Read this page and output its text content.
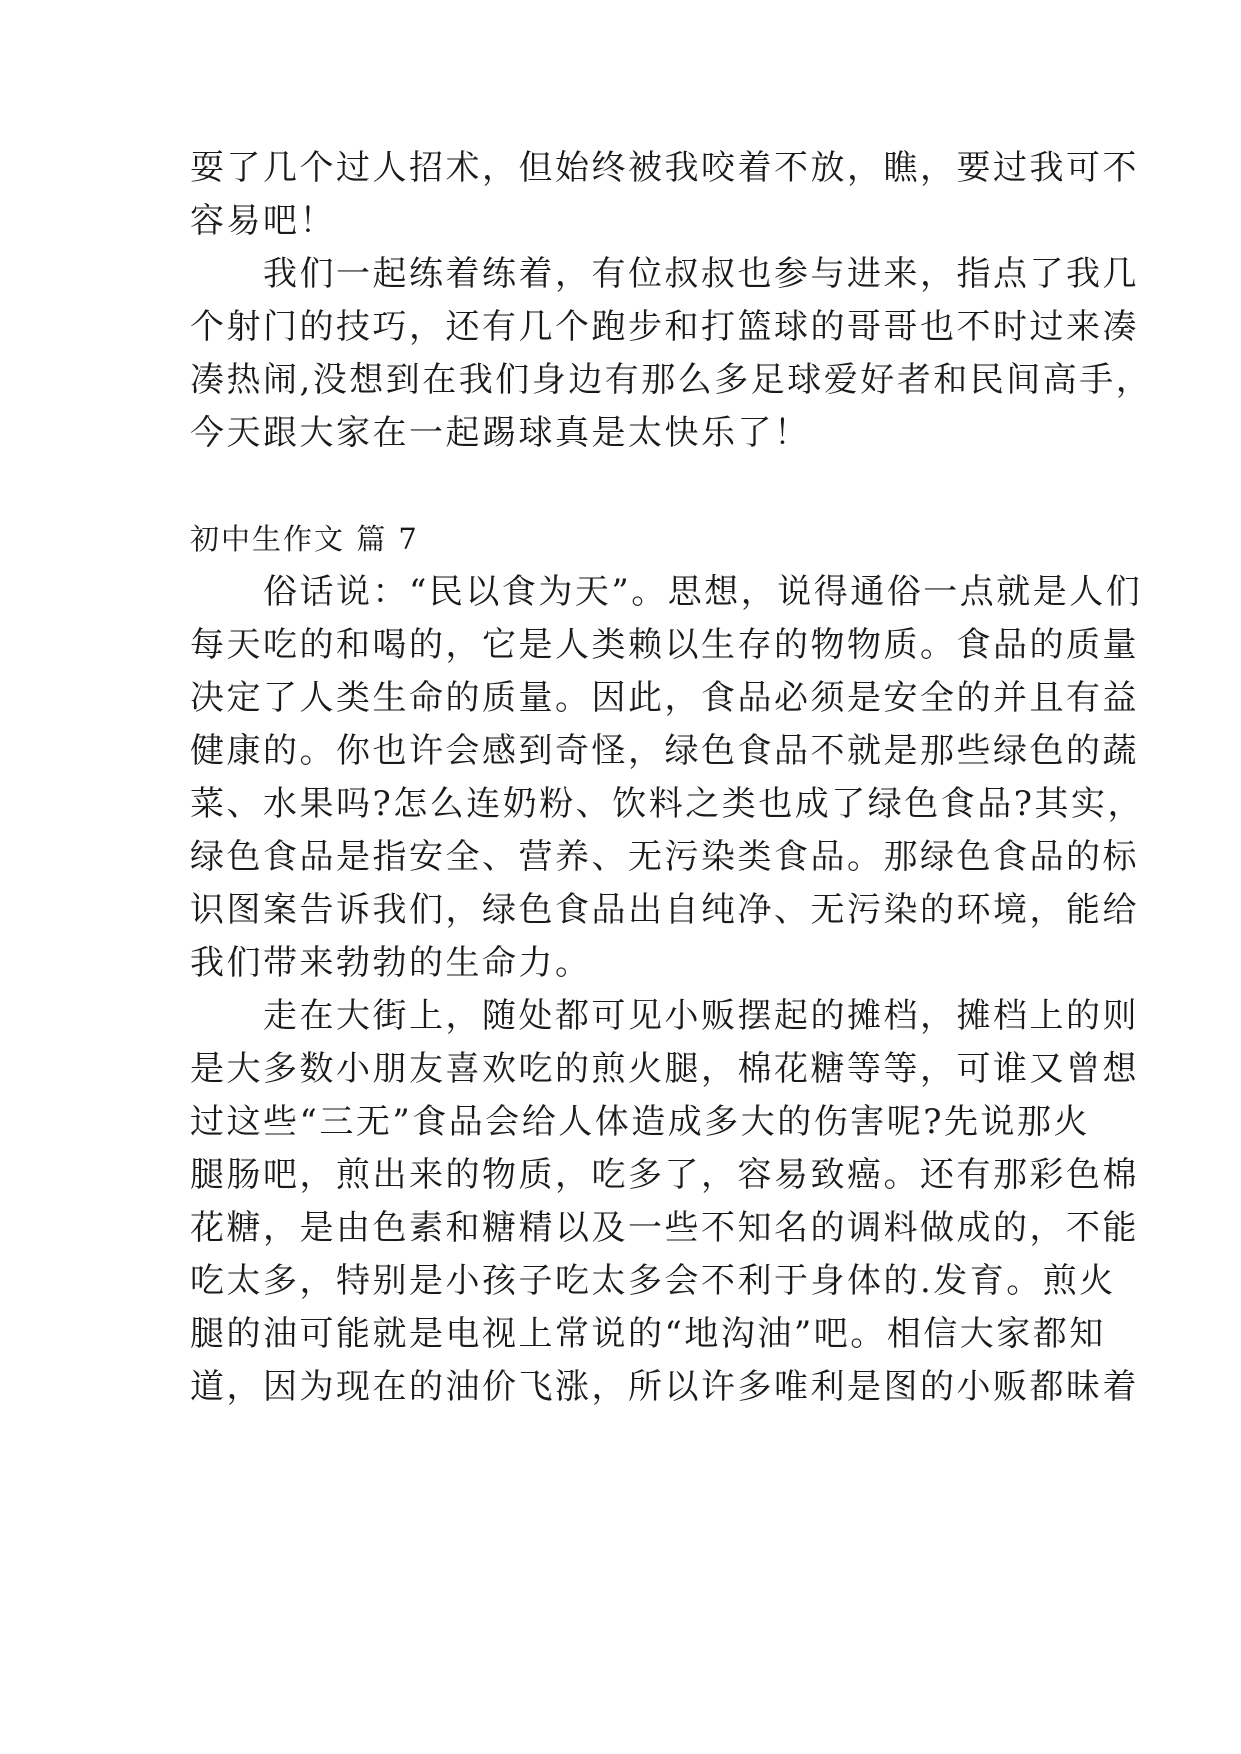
耍了几个过人招术，但始终被我咬着不放，瞧，要过我可不
容易吧！
　　我们一起练着练着，有位叔叔也参与进来，指点了我几
个射门的技巧，还有几个跑步和打篮球的哥哥也不时过来凑
凑热闹,没想到在我们身边有那么多足球爱好者和民间高手，
今天跟大家在一起踢球真是太快乐了！
初中生作文 篇 7
　　俗话说：“民以食为天”。思想，说得通俗一点就是人们
每天吃的和喝的，它是人类赖以生存的物物质。食品的质量
决定了人类生命的质量。因此，食品必须是安全的并且有益
健康的。你也许会感到奇怪，绿色食品不就是那些绿色的蔬
菜、水果吗?怎么连奶粉、饮料之类也成了绿色食品?其实，
绿色食品是指安全、营养、无污染类食品。那绿色食品的标
识图案告诉我们，绿色食品出自纯净、无污染的环境，能给
我们带来勃勃的生命力。
　　走在大街上，随处都可见小贩摆起的摊档，摊档上的则
是大多数小朋友喜欢吃的煎火腿，棉花糖等等，可谁又曾想
过这些“三无”食品会给人体造成多大的伤害呢?先说那火
腿肠吧，煎出来的物质，吃多了，容易致癌。还有那彩色棉
花糖，是由色素和糖精以及一些不知名的调料做成的，不能
吃太多，特别是小孩子吃太多会不利于身体的.发育。煎火
腿的油可能就是电视上常说的“地沟油”吧。相信大家都知
道，因为现在的油价飞涨，所以许多唯利是图的小贩都昧着
